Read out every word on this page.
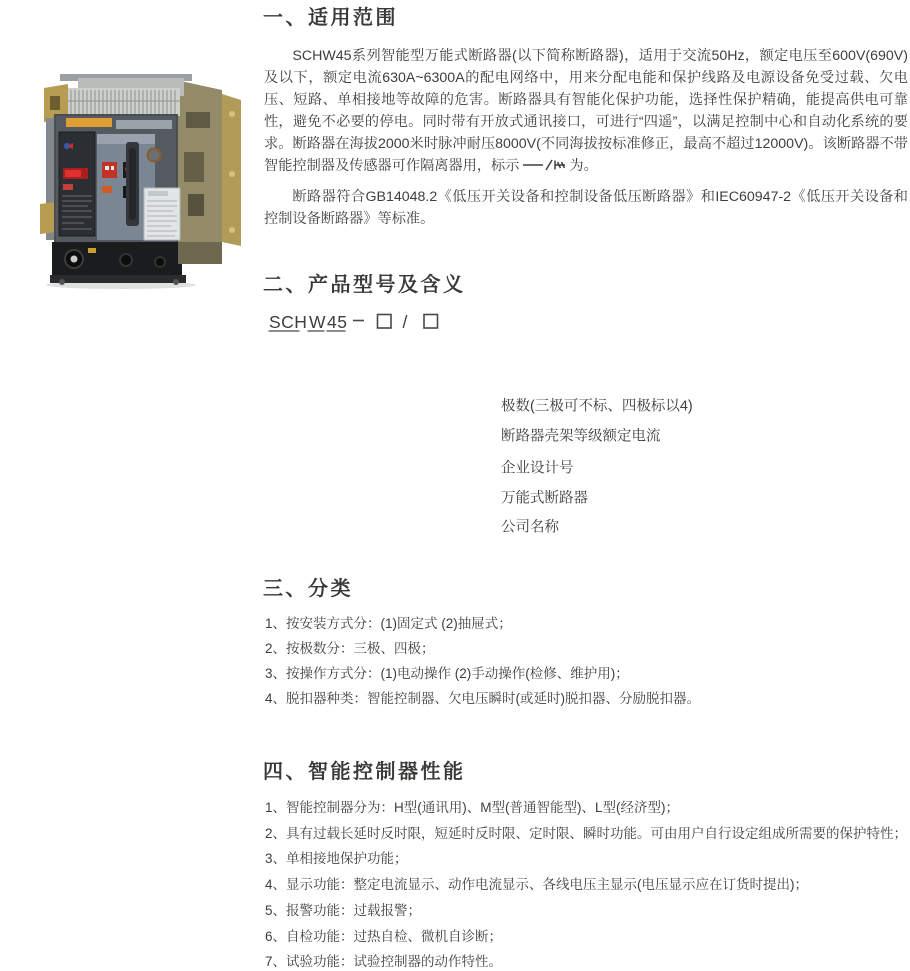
一、适用范围

SCHW45系列智能型万能式断路器(以下简称断路器)，适用于交流50Hz，额定电压至600V(690V)及以下，额定电流630A~6300A的配电网络中，用来分配电能和保护线路及电源设备免受过载、欠电压、短路、单相接地等故障的危害。断路器具有智能化保护功能，选择性保护精确，能提高供电可靠性，避免不必要的停电。同时带有开放式通讯接口，可进行“四遥”，以满足控制中心和自动化系统的要求。断路器在海拔2000米时脉冲耐压8000V(不同海拔按标准修正，最高不超过12000V)。该断路器不带智能控制器及传感器可作隔离器用，标示	为。

断路器符合GB14048.2《低压开关设备和控制设备低压断路器》和IEC60947-2《低压开关设备和控制设备断路器》等标准。

二、产品型号及含义
SCH W 45	/
极数(三极可不标、四极标以4)
断路器壳架等级额定电流
企业设计号
万能式断路器
公司名称
三、分类
1、按安装方式分：(1)固定式 (2)抽屉式；
2、按极数分：三极、四极；
3、按操作方式分：(1)电动操作 (2)手动操作(检修、维护用)；
4、脱扣器种类：智能控制器、欠电压瞬时(或延时)脱扣器、分励脱扣器。
四、智能控制器性能
1、智能控制器分为：H型(通讯用)、M型(普通智能型)、L型(经济型)；
2、具有过载长延时反时限，短延时反时限、定时限、瞬时功能。可由用户自行设定组成所需要的保护特性；
3、单相接地保护功能；
4、显示功能：整定电流显示、动作电流显示、各线电压主显示(电压显示应在订货时提出)；
5、报警功能：过载报警；
6、自检功能：过热自检、微机自诊断；
7、试验功能：试验控制器的动作特性。
